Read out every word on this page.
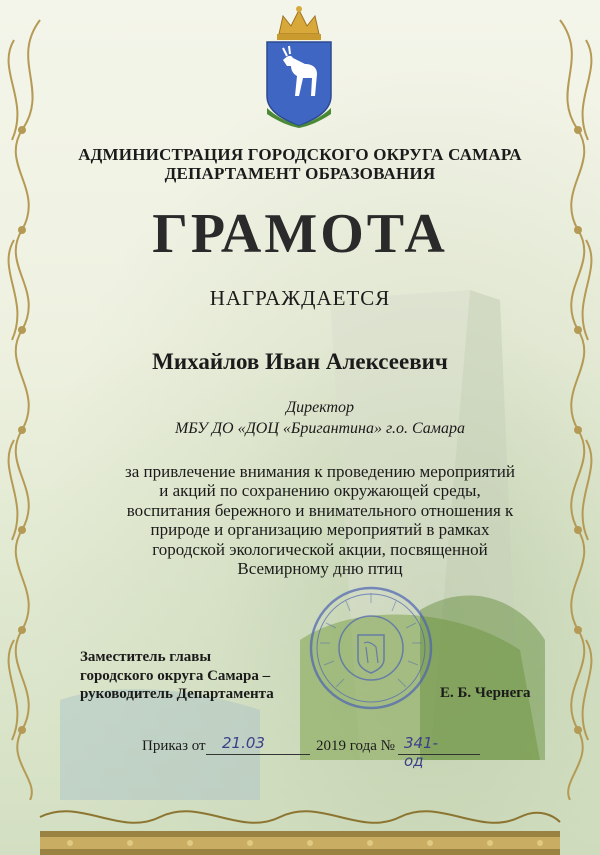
АДМИНИСТРАЦИЯ ГОРОДСКОГО ОКРУГА САМАРА
ДЕПАРТАМЕНТ ОБРАЗОВАНИЯ
ГРАМОТА
НАГРАЖДАЕТСЯ
Михайлов Иван Алексеевич
Директор
МБУ ДО «ДОЦ «Бригантина» г.о. Самара
за привлечение внимания к проведению мероприятий
и акций по сохранению окружающей среды,
воспитания бережного и внимательного отношения к
природе и организацию мероприятий в рамках
городской экологической акции, посвященной
Всемирному дню птиц
Заместитель главы
городского округа Самара –
руководитель Департамента	Е. Б. Чернега
Приказ от 21.03	2019 года № 341-од
